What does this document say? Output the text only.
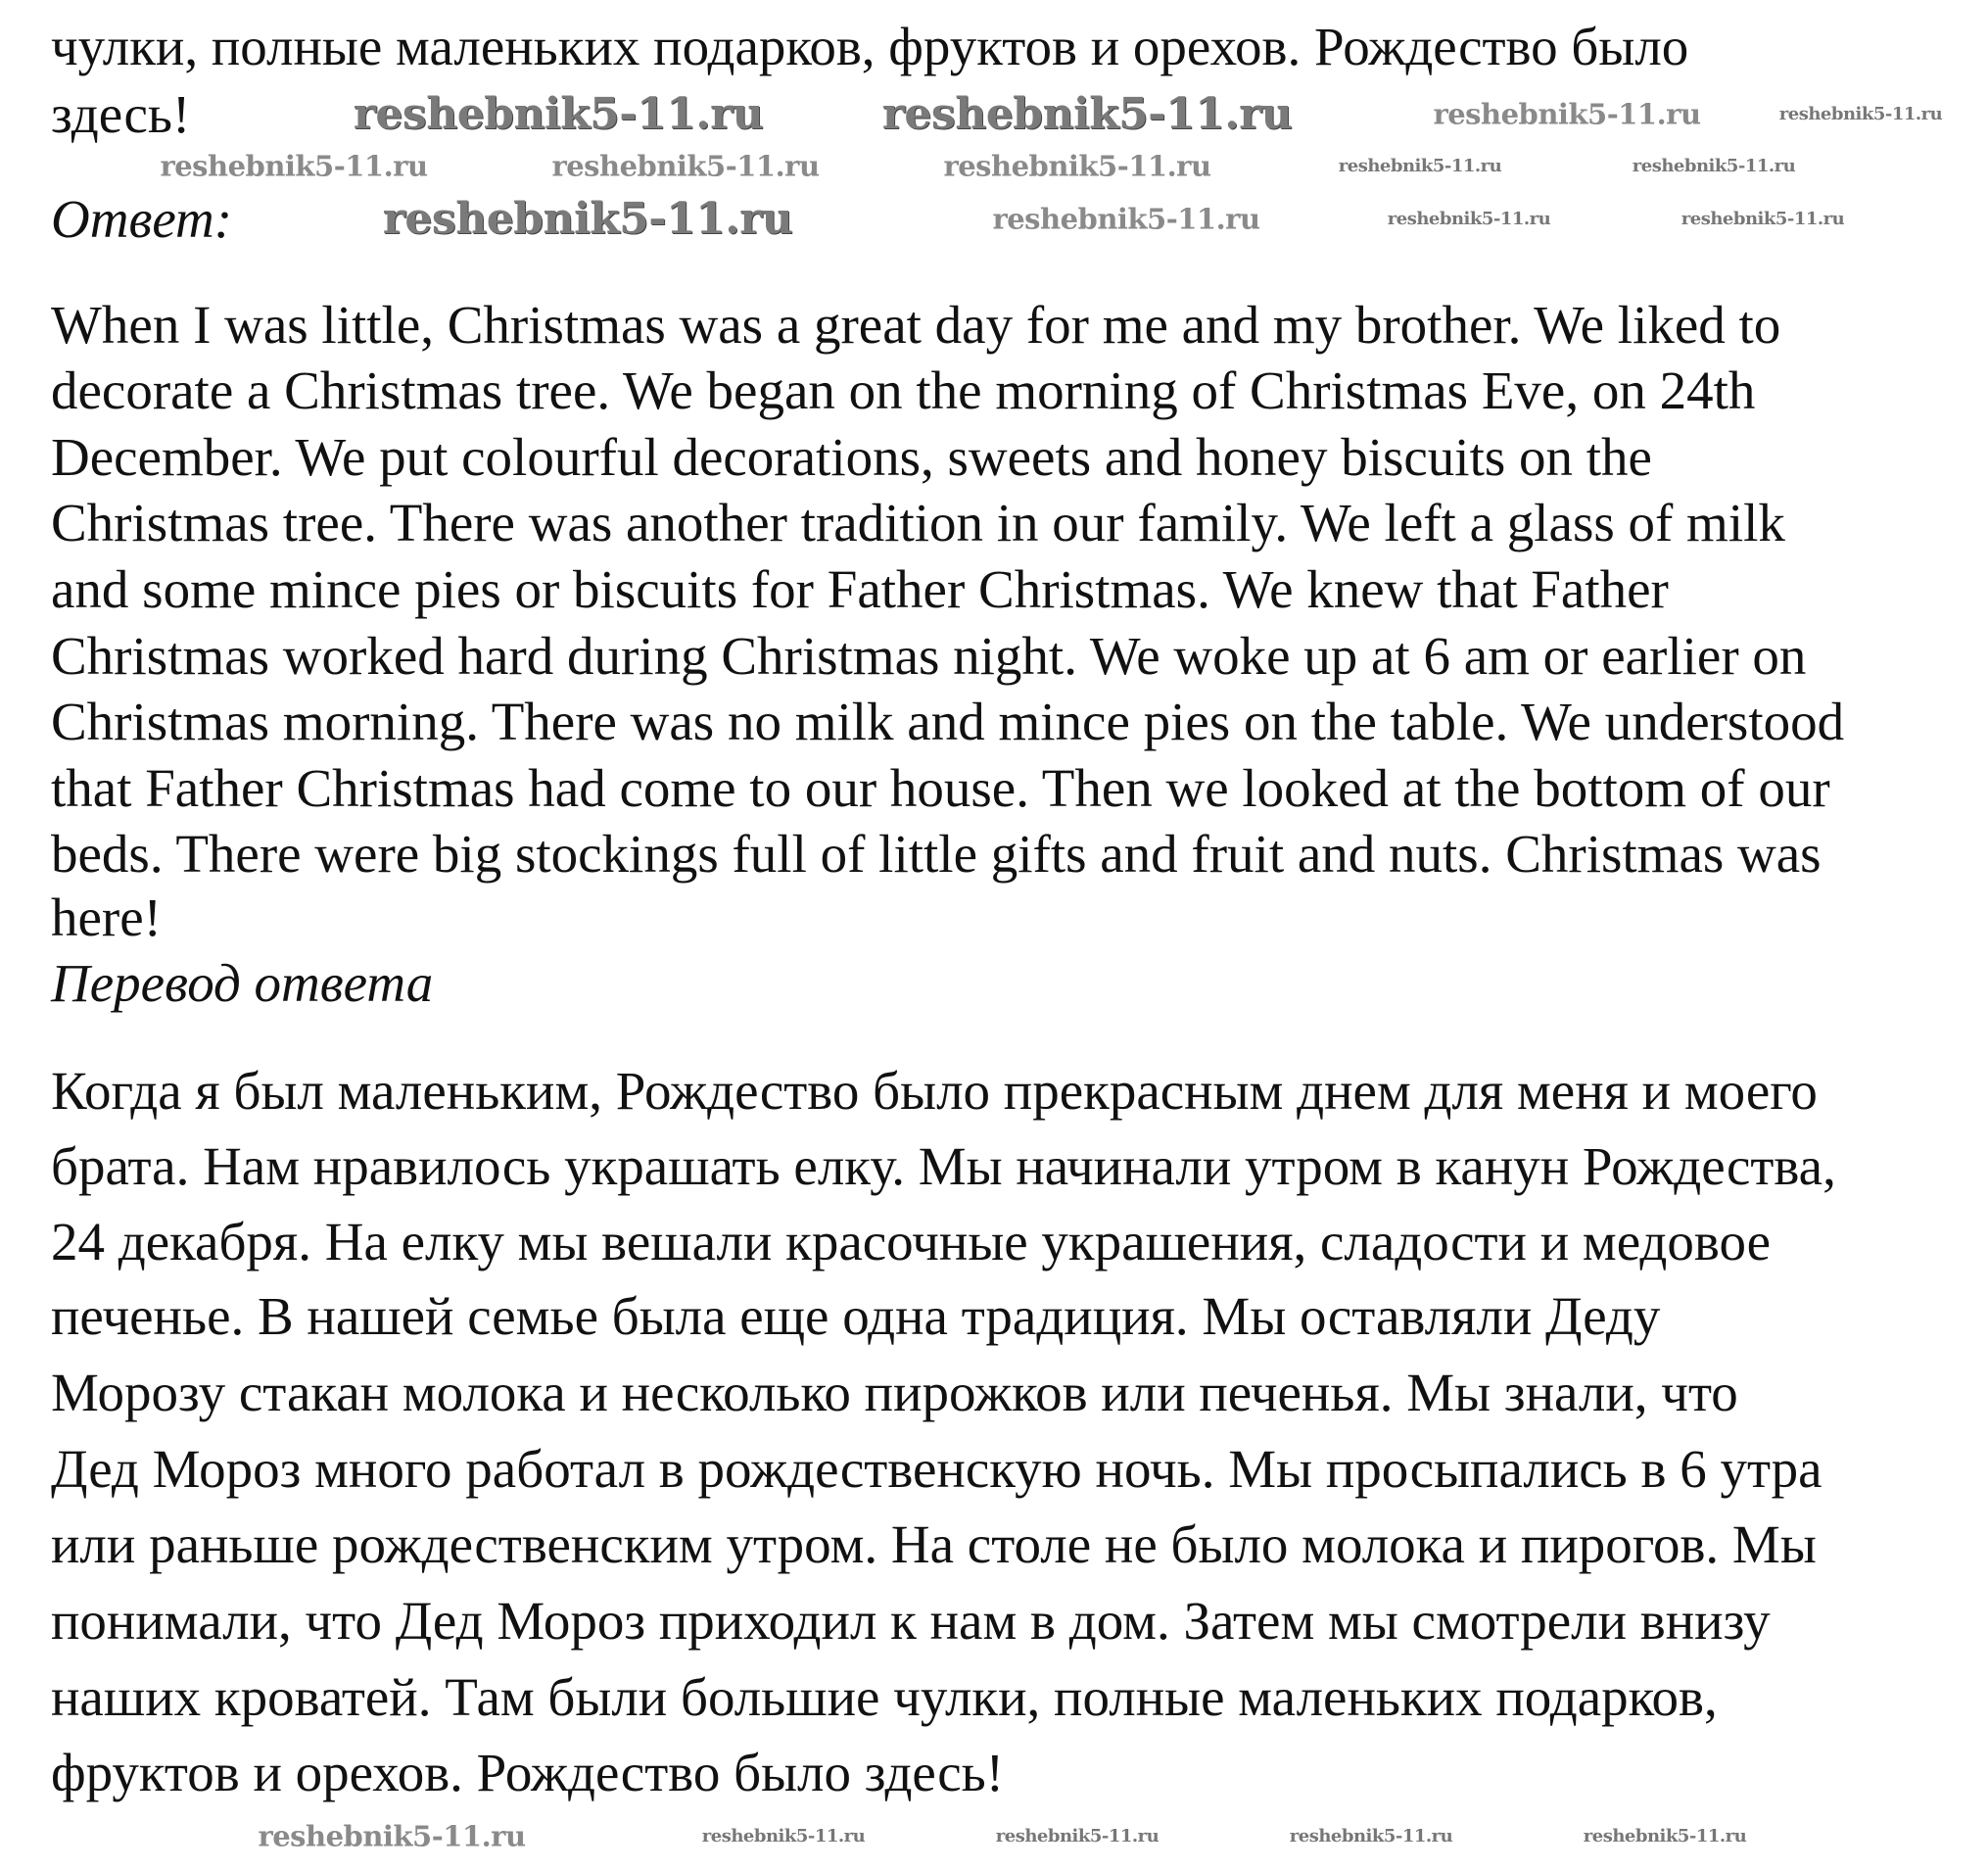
чулки, полные маленьких подарков, фруктов и орехов. Рождество было
здесь!
Ответ:
When I was little, Christmas was a great day for me and my brother. We liked to
decorate a Christmas tree. We began on the morning of Christmas Eve, on 24th
December. We put colourful decorations, sweets and honey biscuits on the
Christmas tree. There was another tradition in our family. We left a glass of milk
and some mince pies or biscuits for Father Christmas. We knew that Father
Christmas worked hard during Christmas night. We woke up at 6 am or earlier on
Christmas morning. There was no milk and mince pies on the table. We understood
that Father Christmas had come to our house. Then we looked at the bottom of our
beds. There were big stockings full of little gifts and fruit and nuts. Christmas was
here!
Перевод ответа
Когда я был маленьким, Рождество было прекрасным днем для меня и моего
брата. Нам нравилось украшать елку. Мы начинали утром в канун Рождества,
24 декабря. На елку мы вешали красочные украшения, сладости и медовое
печенье. В нашей семье была еще одна традиция. Мы оставляли Деду
Морозу стакан молока и несколько пирожков или печенья. Мы знали, что
Дед Мороз много работал в рождественскую ночь. Мы просыпались в 6 утра
или раньше рождественским утром. На столе не было молока и пирогов. Мы
понимали, что Дед Мороз приходил к нам в дом. Затем мы смотрели внизу
наших кроватей. Там были большие чулки, полные маленьких подарков,
фруктов и орехов. Рождество было здесь!
reshebnik5-11.ru	reshebnik5-11.ru	reshebnik5-11.ru	reshebnik5-11.ru
reshebnik5-11.ru	reshebnik5-11.ru	reshebnik5-11.ru	reshebnik5-11.ru	reshebnik5-11.ru
reshebnik5-11.ru	reshebnik5-11.ru	reshebnik5-11.ru	reshebnik5-11.ru
reshebnik5-11.ru	reshebnik5-11.ru	reshebnik5-11.ru	reshebnik5-11.ru	reshebnik5-11.ru
